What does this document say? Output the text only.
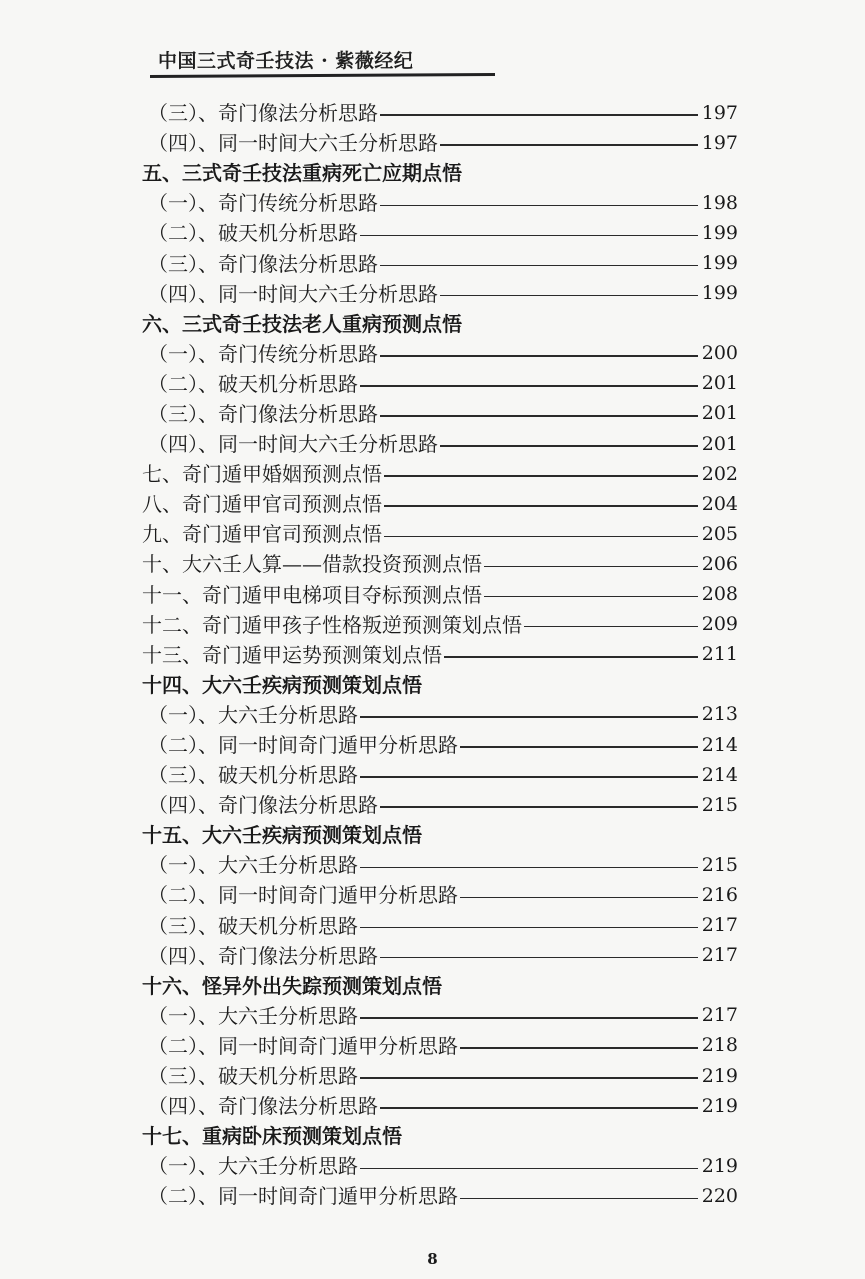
中国三式奇壬技法 · 紫薇经纪
（三）、奇门像法分析思路	197
（四）、同一时间大六壬分析思路	197
五、三式奇壬技法重病死亡应期点悟
（一）、奇门传统分析思路	198
（二）、破天机分析思路	199
（三）、奇门像法分析思路	199
（四）、同一时间大六壬分析思路	199
六、三式奇壬技法老人重病预测点悟
（一）、奇门传统分析思路	200
（二）、破天机分析思路	201
（三）、奇门像法分析思路	201
（四）、同一时间大六壬分析思路	201
七、奇门遁甲婚姻预测点悟	202
八、奇门遁甲官司预测点悟	204
九、奇门遁甲官司预测点悟	205
十、大六壬人算——借款投资预测点悟	206
十一、奇门遁甲电梯项目夺标预测点悟	208
十二、奇门遁甲孩子性格叛逆预测策划点悟	209
十三、奇门遁甲运势预测策划点悟	211
十四、大六壬疾病预测策划点悟
（一）、大六壬分析思路	213
（二）、同一时间奇门遁甲分析思路	214
（三）、破天机分析思路	214
（四）、奇门像法分析思路	215
十五、大六壬疾病预测策划点悟
（一）、大六壬分析思路	215
（二）、同一时间奇门遁甲分析思路	216
（三）、破天机分析思路	217
（四）、奇门像法分析思路	217
十六、怪异外出失踪预测策划点悟
（一）、大六壬分析思路	217
（二）、同一时间奇门遁甲分析思路	218
（三）、破天机分析思路	219
（四）、奇门像法分析思路	219
十七、重病卧床预测策划点悟
（一）、大六壬分析思路	219
（二）、同一时间奇门遁甲分析思路	220
8
